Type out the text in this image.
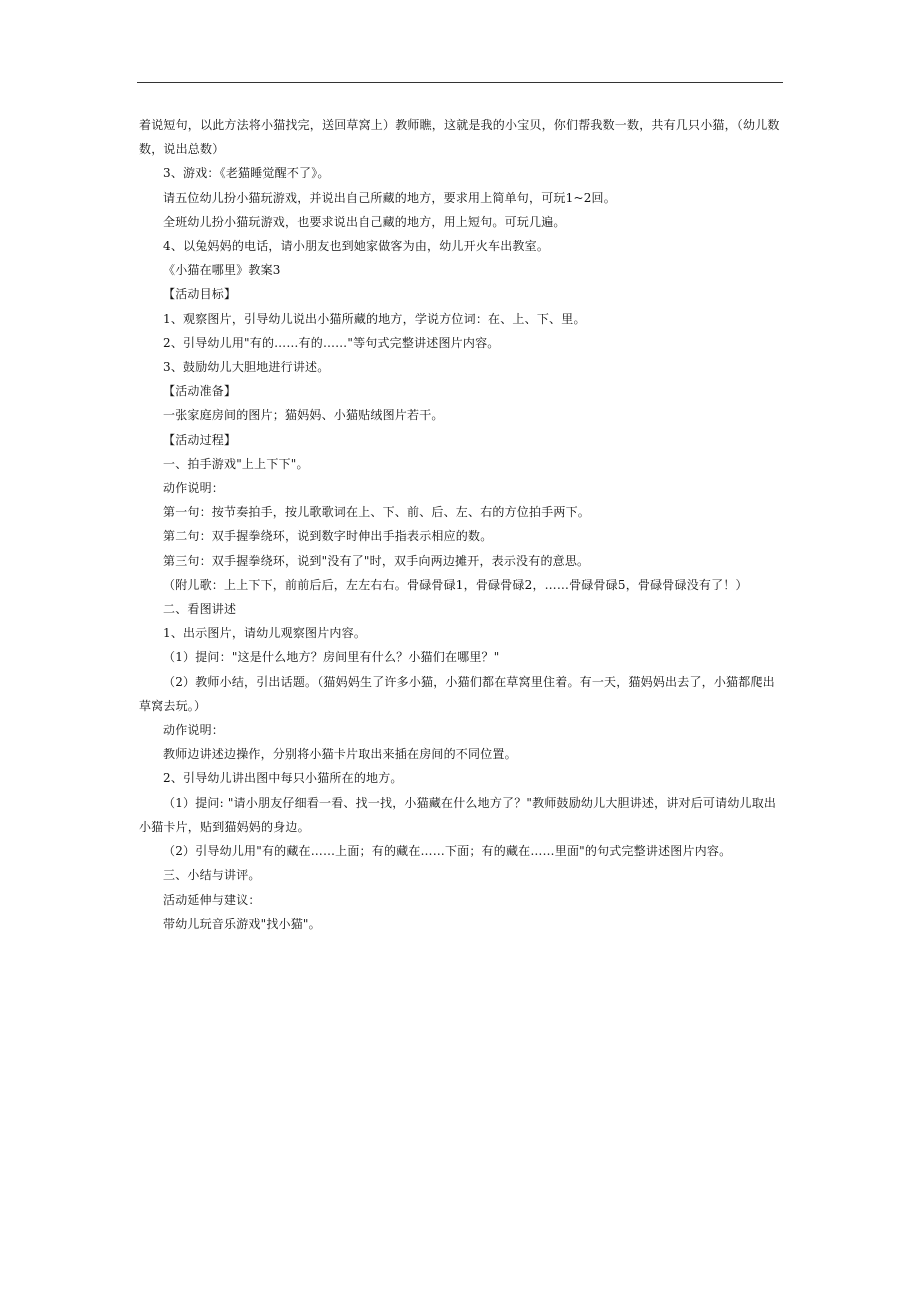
着说短句，以此方法将小猫找完，送回草窝上）教师瞧，这就是我的小宝贝，你们帮我数一数，共有几只小猫，（幼儿数数，说出总数）

3、游戏：《老猫睡觉醒不了》。

请五位幼儿扮小猫玩游戏，并说出自己所藏的地方，要求用上简单句，可玩1~2回。

全班幼儿扮小猫玩游戏，也要求说出自己藏的地方，用上短句。可玩几遍。

4、以兔妈妈的电话，请小朋友也到她家做客为由，幼儿开火车出教室。

《小猫在哪里》教案3

【活动目标】

1、观察图片，引导幼儿说出小猫所藏的地方，学说方位词：在、上、下、里。

2、引导幼儿用"有的……有的……"等句式完整讲述图片内容。

3、鼓励幼儿大胆地进行讲述。

【活动准备】

一张家庭房间的图片；猫妈妈、小猫贴绒图片若干。

【活动过程】

一、拍手游戏"上上下下"。

动作说明：

第一句：按节奏拍手，按儿歌歌词在上、下、前、后、左、右的方位拍手两下。

第二句：双手握拳绕环，说到数字时伸出手指表示相应的数。

第三句：双手握拳绕环，说到"没有了"时，双手向两边摊开，表示没有的意思。

（附儿歌：上上下下，前前后后，左左右右。骨碌骨碌1，骨碌骨碌2，……骨碌骨碌5，骨碌骨碌没有了！）

二、看图讲述

1、出示图片，请幼儿观察图片内容。

（1）提问："这是什么地方？房间里有什么？小猫们在哪里？"

（2）教师小结，引出话题。（猫妈妈生了许多小猫，小猫们都在草窝里住着。有一天，猫妈妈出去了，小猫都爬出草窝去玩。）

动作说明：

教师边讲述边操作，分别将小猫卡片取出来插在房间的不同位置。

2、引导幼儿讲出图中每只小猫所在的地方。

（1）提问: "请小朋友仔细看一看、找一找，小猫藏在什么地方了？"教师鼓励幼儿大胆讲述，讲对后可请幼儿取出小猫卡片，贴到猫妈妈的身边。

（2）引导幼儿用"有的藏在……上面；有的藏在……下面；有的藏在……里面"的句式完整讲述图片内容。

三、小结与讲评。

活动延伸与建议：

带幼儿玩音乐游戏"找小猫"。
